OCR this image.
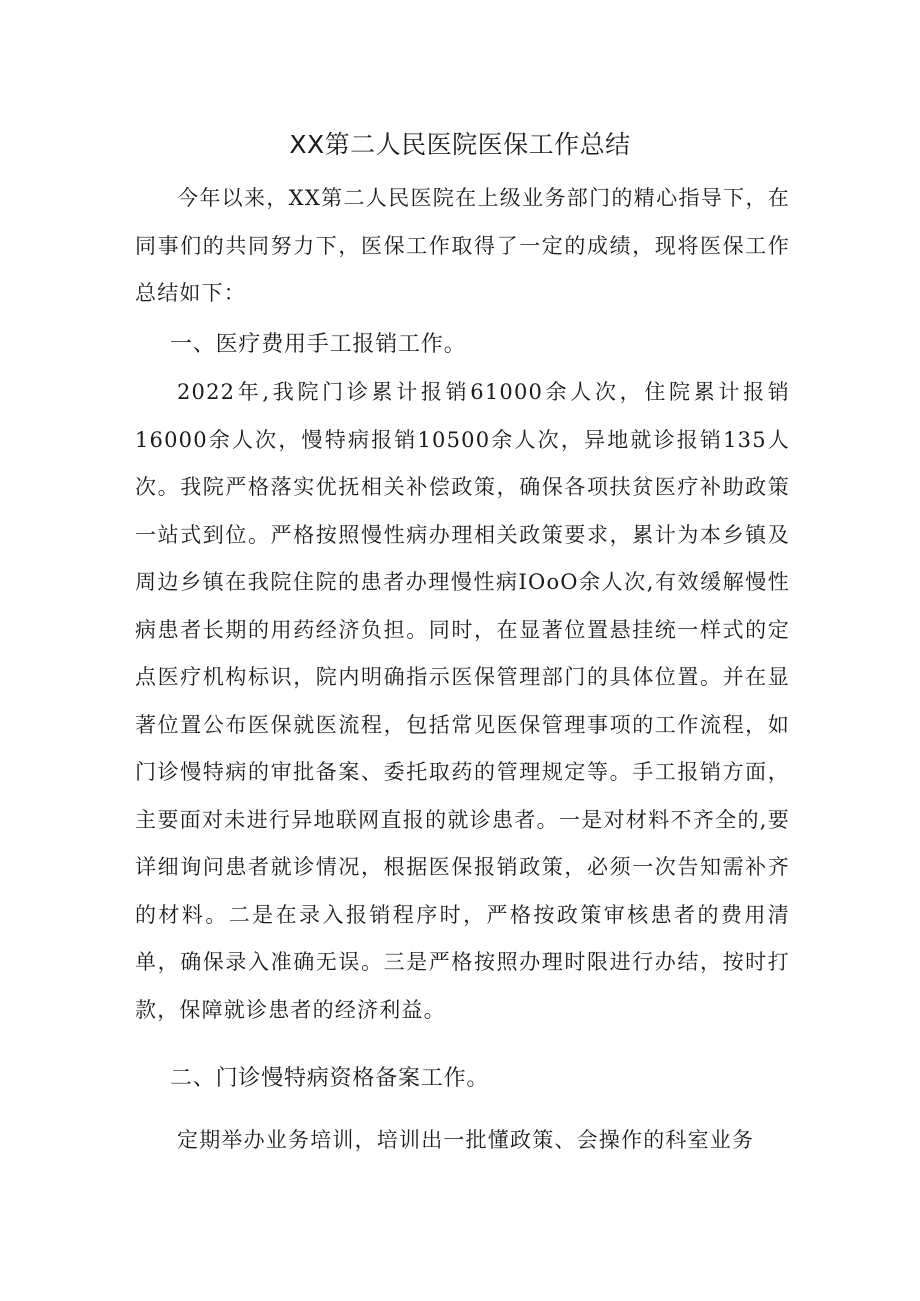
XX第二人民医院医保工作总结

今年以来，XX第二人民医院在上级业务部门的精心指导下，在同事们的共同努力下，医保工作取得了一定的成绩，现将医保工作总结如下：

一、医疗费用手工报销工作。

2022年,我院门诊累计报销61000余人次，住院累计报销16000余人次，慢特病报销10500余人次，异地就诊报销135人次。我院严格落实优抚相关补偿政策，确保各项扶贫医疗补助政策一站式到位。严格按照慢性病办理相关政策要求，累计为本乡镇及周边乡镇在我院住院的患者办理慢性病IOoO余人次,有效缓解慢性病患者长期的用药经济负担。同时，在显著位置悬挂统一样式的定点医疗机构标识，院内明确指示医保管理部门的具体位置。并在显著位置公布医保就医流程，包括常见医保管理事项的工作流程，如门诊慢特病的审批备案、委托取药的管理规定等。手工报销方面，主要面对未进行异地联网直报的就诊患者。一是对材料不齐全的,要详细询问患者就诊情况，根据医保报销政策，必须一次告知需补齐的材料。二是在录入报销程序时，严格按政策审核患者的费用清单，确保录入准确无误。三是严格按照办理时限进行办结，按时打款，保障就诊患者的经济利益。

二、门诊慢特病资格备案工作。

定期举办业务培训，培训出一批懂政策、会操作的科室业务
